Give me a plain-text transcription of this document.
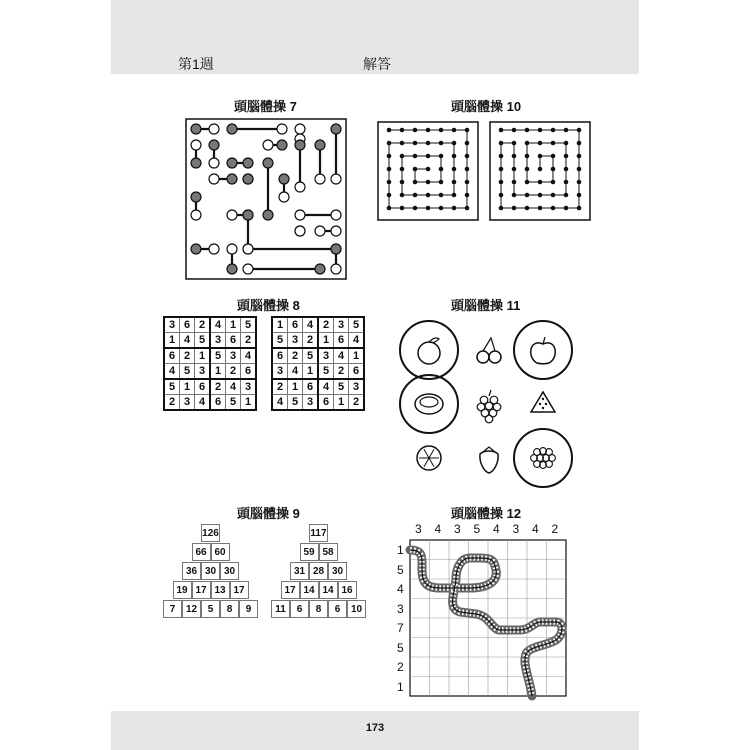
第1週	解答
173
頭腦體操 7	頭腦體操 10
頭腦體操 8
3	6	2	4	1	5
1	4	5	3	6	2
6	2	1	5	3	4
4	5	3	1	2	6
5	1	6	2	4	3
2	3	4	6	5	1
1	6	4	2	3	5
5	3	2	1	6	4
6	2	5	3	4	1
3	4	1	5	2	6
2	1	6	4	5	3
4	5	3	6	1	2
頭腦體操 11
頭腦體操 9
126
66 60
36 30 30
19 17 13 17
7	12	5	8	9
117
59 58
31 28 30
17 14 14 16
11	6	8	6	10
頭腦體操 12
3 4 3 5 4 3 4 2
1
5
4
3
7
5
2
1
